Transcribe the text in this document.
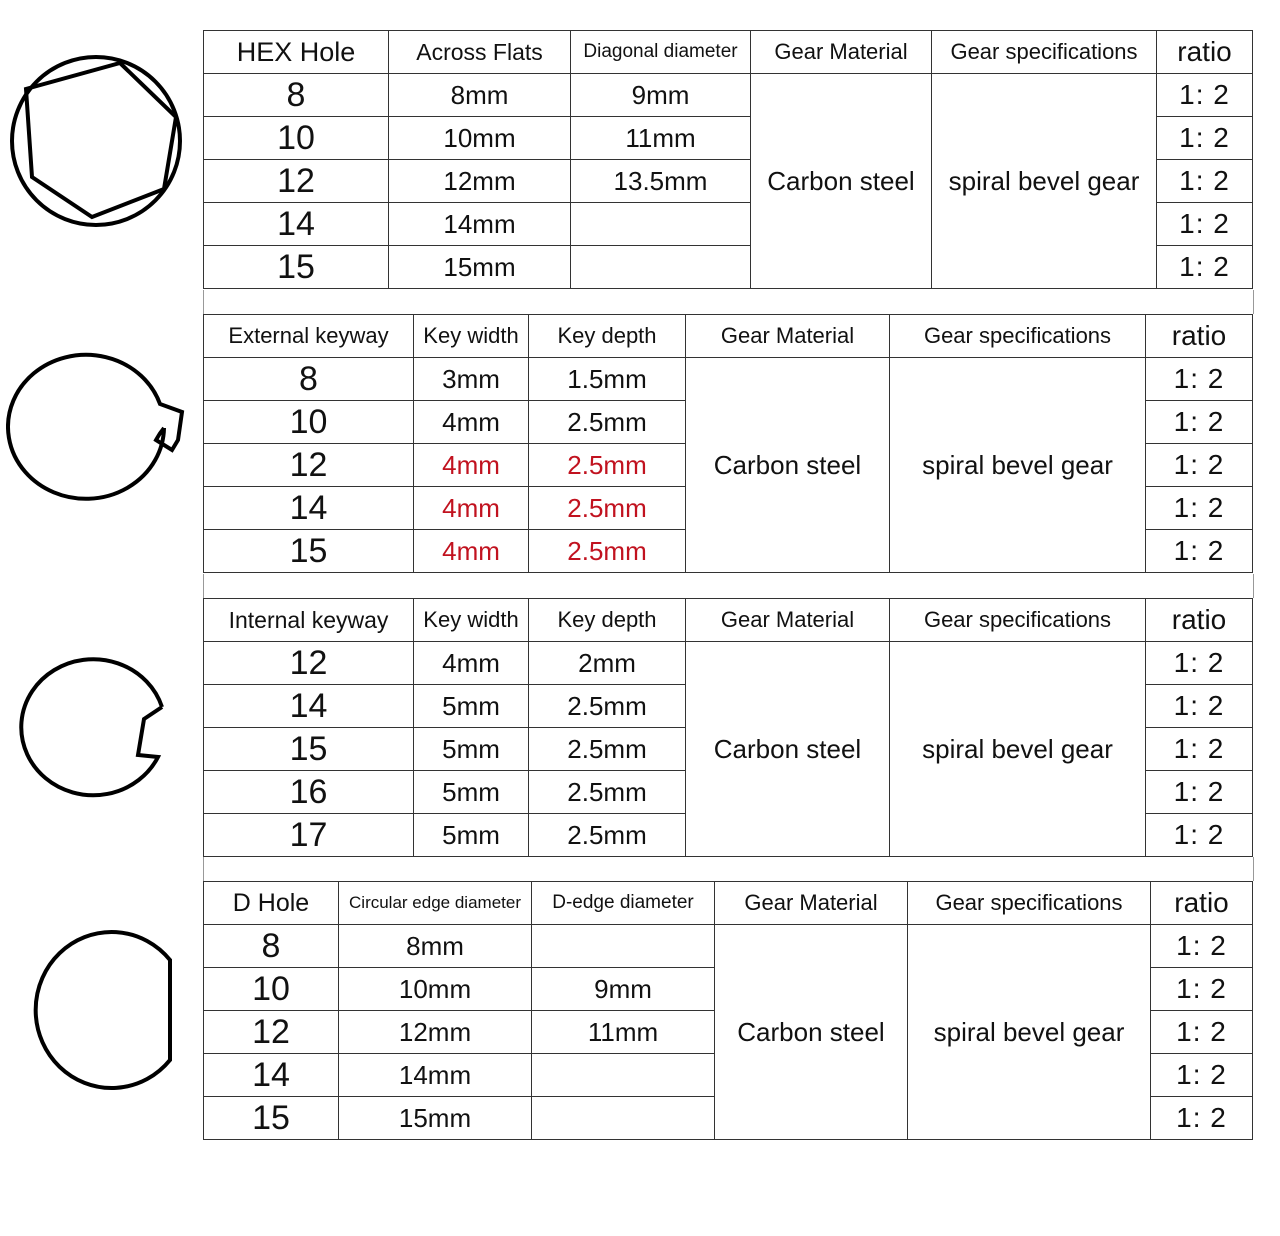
HEX Hole	Across Flats	Diagonal diameter	Gear Material	Gear specifications	ratio
8	8mm	9mm	Carbon steel	spiral bevel gear	1: 2
10	10mm	11mm			1: 2
12	12mm	13.5mm			1: 2
14	14mm				1: 2
15	15mm				1: 2
External keyway	Key width	Key depth	Gear Material	Gear specifications	ratio
8	3mm	1.5mm	Carbon steel	spiral bevel gear	1: 2
10	4mm	2.5mm			1: 2
12	4mm	2.5mm			1: 2
14	4mm	2.5mm			1: 2
15	4mm	2.5mm			1: 2
Internal keyway	Key width	Key depth	Gear Material	Gear specifications	ratio
12	4mm	2mm	Carbon steel	spiral bevel gear	1: 2
14	5mm	2.5mm			1: 2
15	5mm	2.5mm			1: 2
16	5mm	2.5mm			1: 2
17	5mm	2.5mm			1: 2
D Hole	Circular edge diameter	D-edge diameter	Gear Material	Gear specifications	ratio
8	8mm		Carbon steel	spiral bevel gear	1: 2
10	10mm	9mm			1: 2
12	12mm	11mm			1: 2
14	14mm				1: 2
15	15mm				1: 2
